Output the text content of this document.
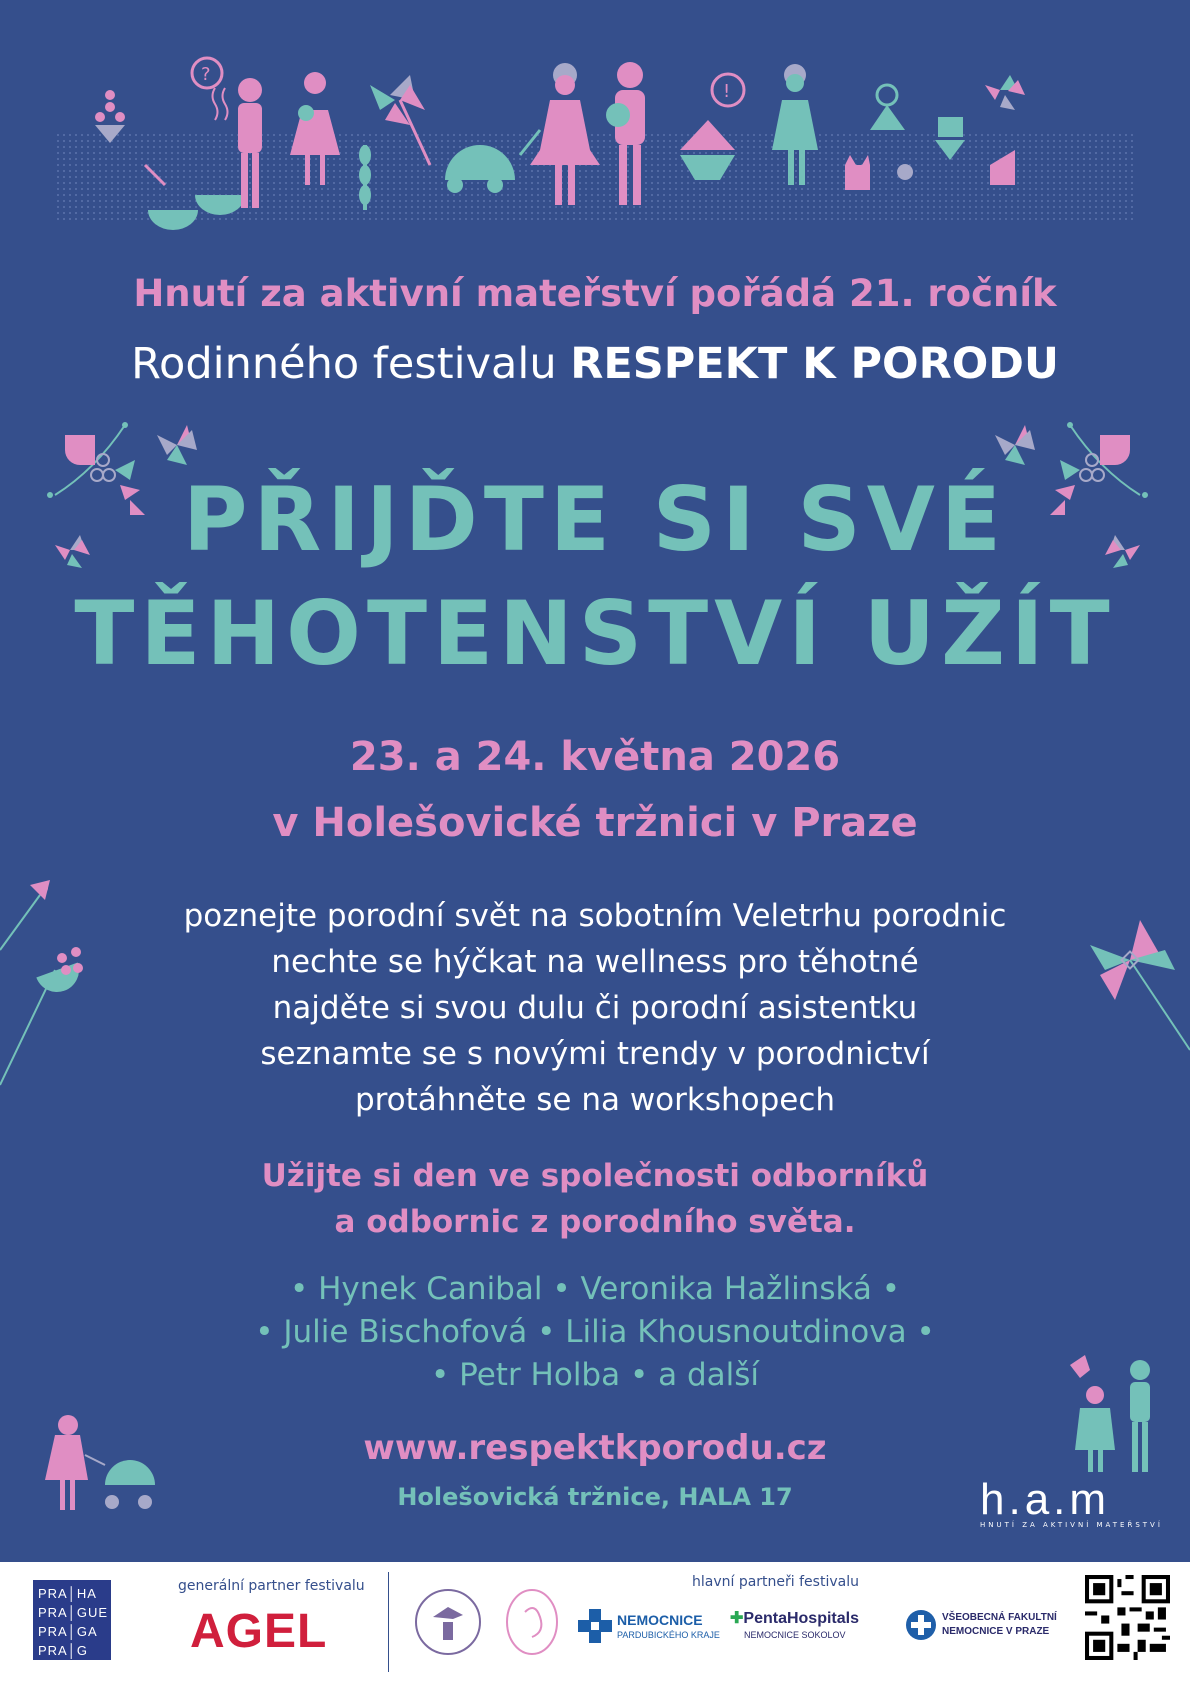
?
!
Hnutí za aktivní mateřství pořádá 21. ročník
Rodinného festivalu RESPEKT K PORODU
PŘIJĎTE SI SVÉ
TĚHOTENSTVÍ UŽÍT
23. a 24. května 2026
v Holešovické tržnici v Praze
poznejte porodní svět na sobotním Veletrhu porodnic
nechte se hýčkat na wellness pro těhotné
najděte si svou dulu či porodní asistentku
seznamte se s novými trendy v porodnictví
protáhněte se na workshopech
Užijte si den ve společnosti odborníků
a odbornic z porodního světa.
• Hynek Canibal • Veronika Hažlinská •
• Julie Bischofová • Lilia Khousnoutdinova •
• Petr Holba • a další
www.respektkporodu.cz
Holešovická tržnice, HALA 17	h.a.m
HNUTÍ ZA AKTIVNÍ MATEŘSTVÍ
PRA│HA
PRA│GUE
PRA│GA
PRA│G
generální partner festivalu
AGEL
hlavní partneři festivalu
NEMOCNICE
PARDUBICKÉHO KRAJE
✚PentaHospitals
NEMOCNICE SOKOLOV
VŠEOBECNÁ FAKULTNÍ
NEMOCNICE V PRAZE
